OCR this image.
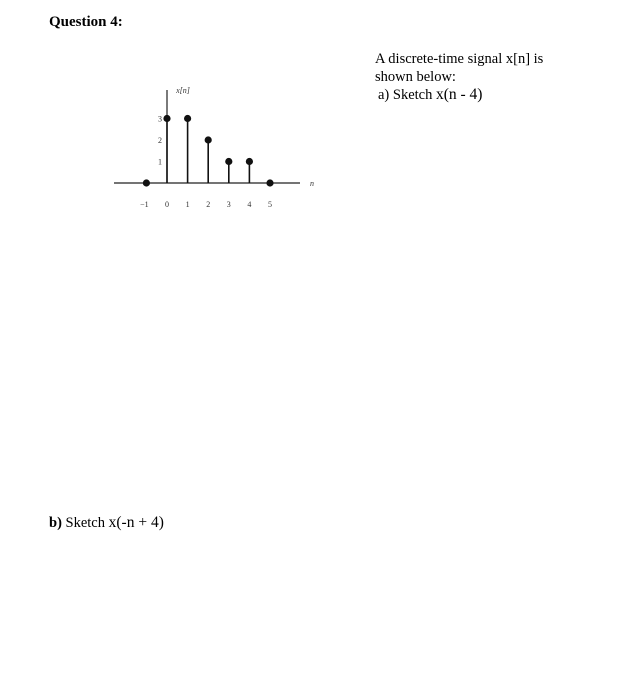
Question 4:
1
2
3
−1 0 1 2 3 4 5
x[n]
n
A discrete-time signal x[n] is
shown below:
a) Sketch x(n - 4)
b) Sketch x(-n + 4)
